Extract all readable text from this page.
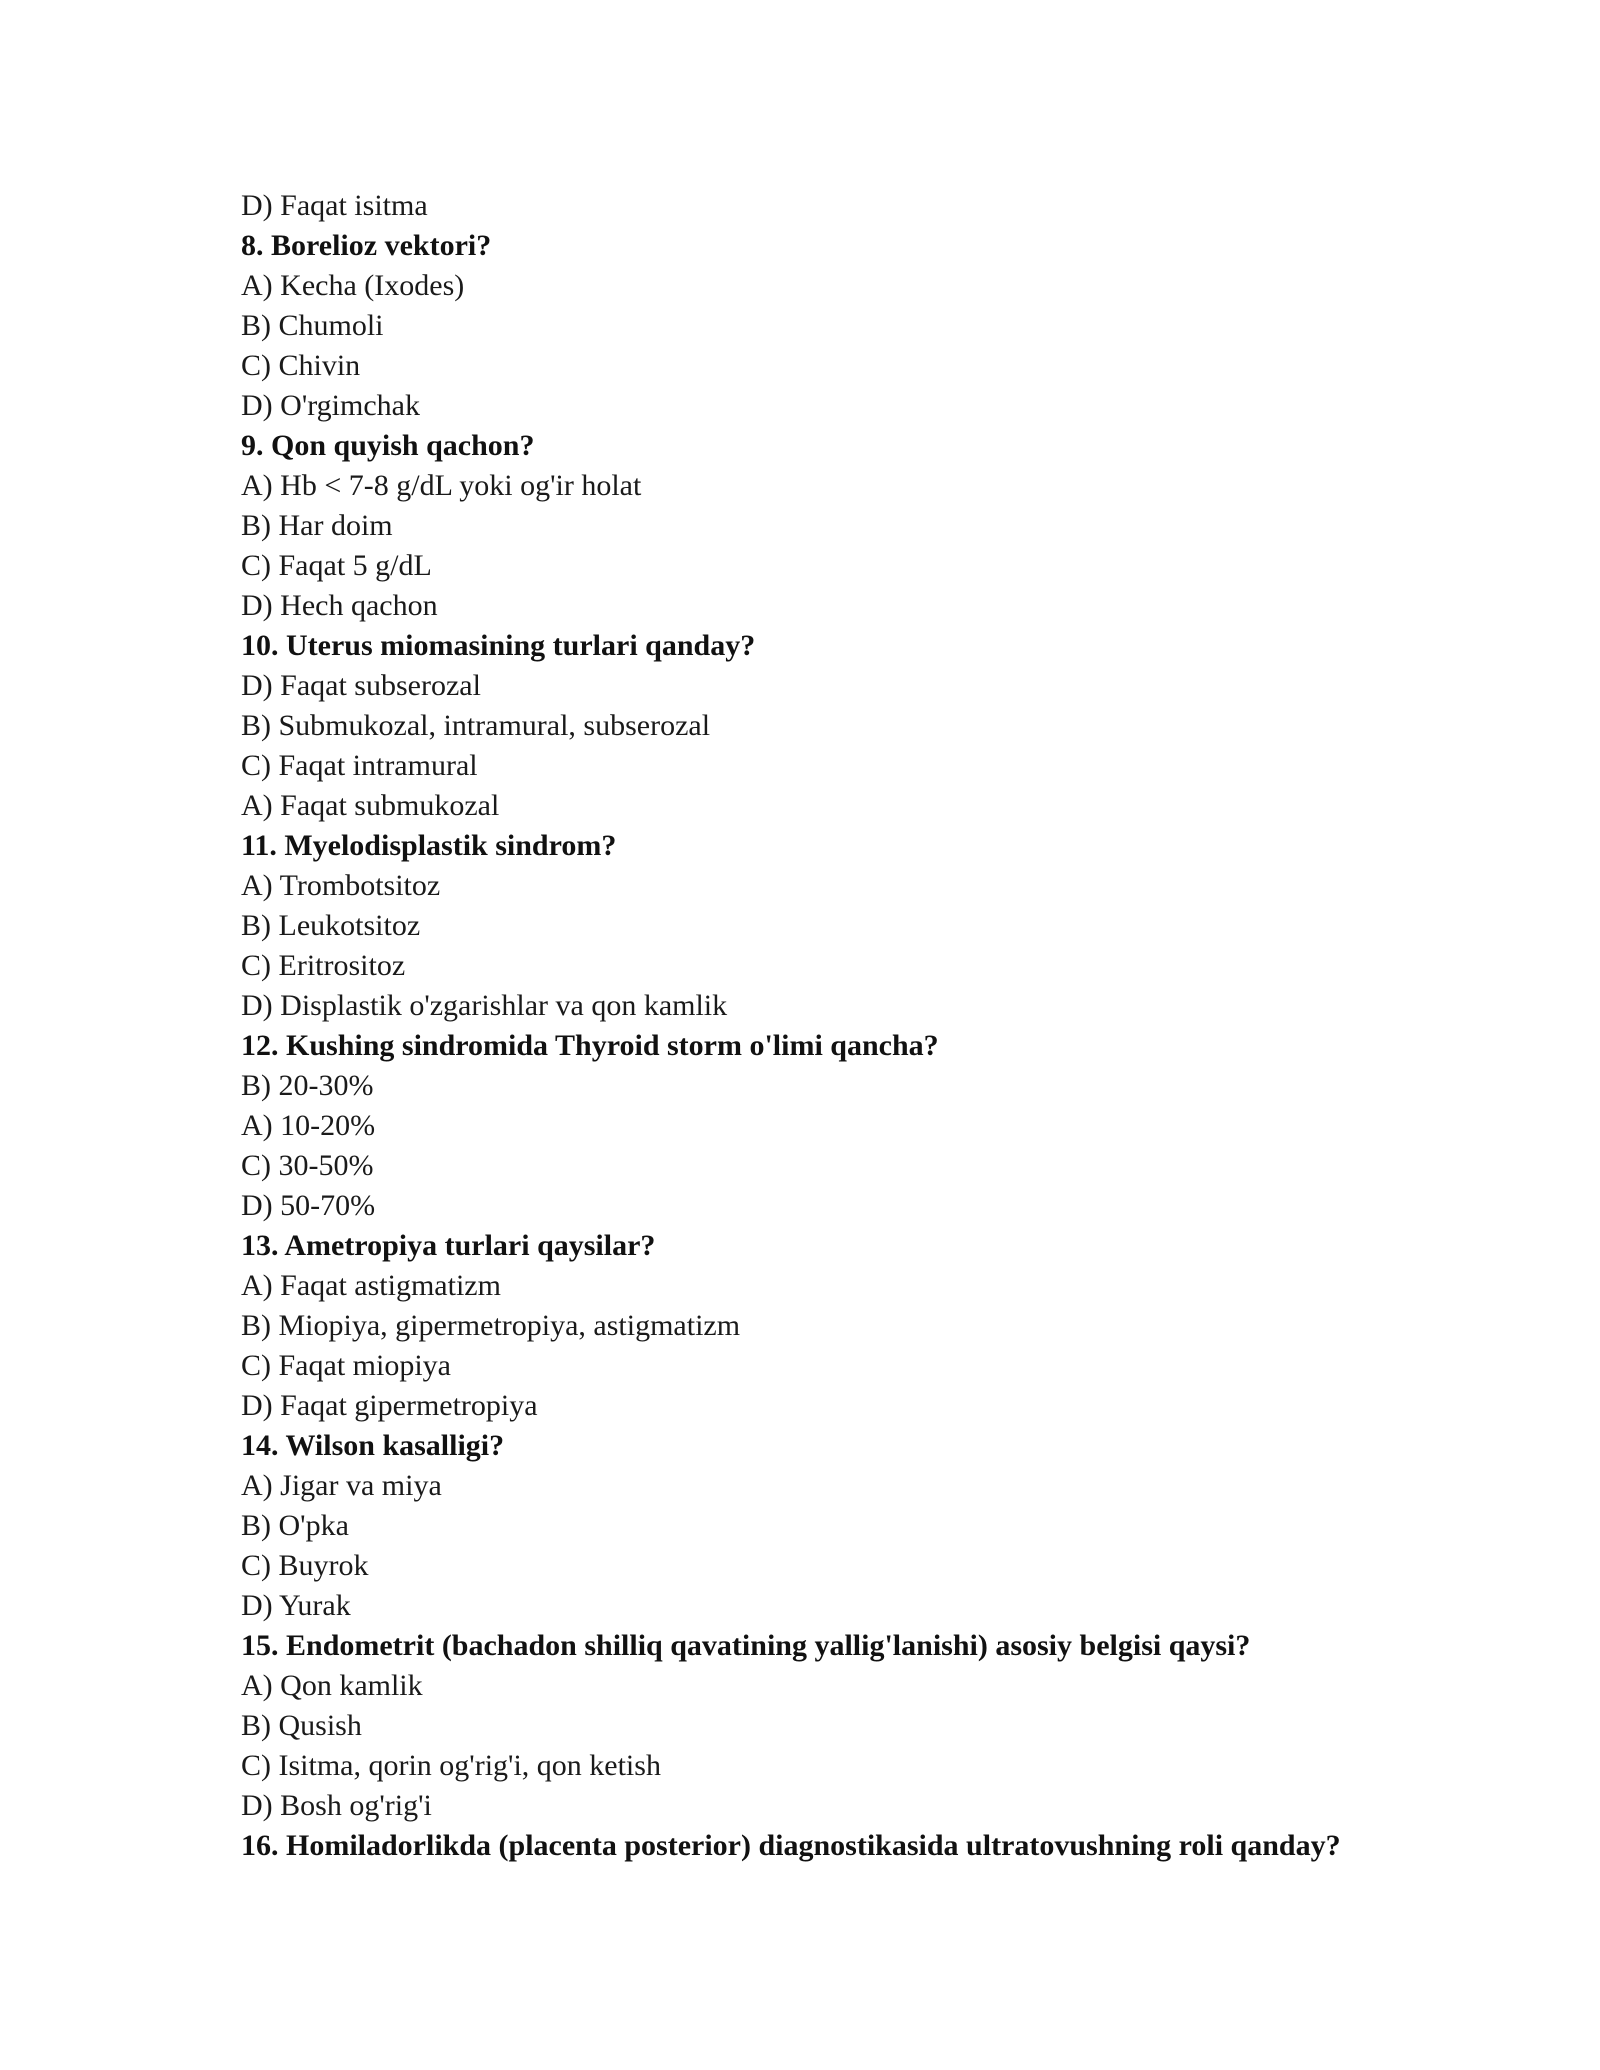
D) Faqat isitma
8. Borelioz vektori?
A) Kecha (Ixodes)
B) Chumoli
C) Chivin
D) O'rgimchak
9. Qon quyish qachon?
A) Hb < 7-8 g/dL yoki og'ir holat
B) Har doim
C) Faqat 5 g/dL
D) Hech qachon
10. Uterus miomasining turlari qanday?
D) Faqat subserozal
B) Submukozal, intramural, subserozal
C) Faqat intramural
A) Faqat submukozal
11. Myelodisplastik sindrom?
A) Trombotsitoz
B) Leukotsitoz
C) Eritrositoz
D) Displastik o'zgarishlar va qon kamlik
12. Kushing sindromida Thyroid storm o'limi qancha?
B) 20-30%
A) 10-20%
C) 30-50%
D) 50-70%
13. Ametropiya turlari qaysilar?
A) Faqat astigmatizm
B) Miopiya, gipermetropiya, astigmatizm
C) Faqat miopiya
D) Faqat gipermetropiya
14. Wilson kasalligi?
A) Jigar va miya
B) O'pka
C) Buyrok
D) Yurak
15. Endometrit (bachadon shilliq qavatining yallig'lanishi) asosiy belgisi qaysi?
A) Qon kamlik
B) Qusish
C) Isitma, qorin og'rig'i, qon ketish
D) Bosh og'rig'i
16. Homiladorlikda (placenta posterior) diagnostikasida ultratovushning roli qanday?
